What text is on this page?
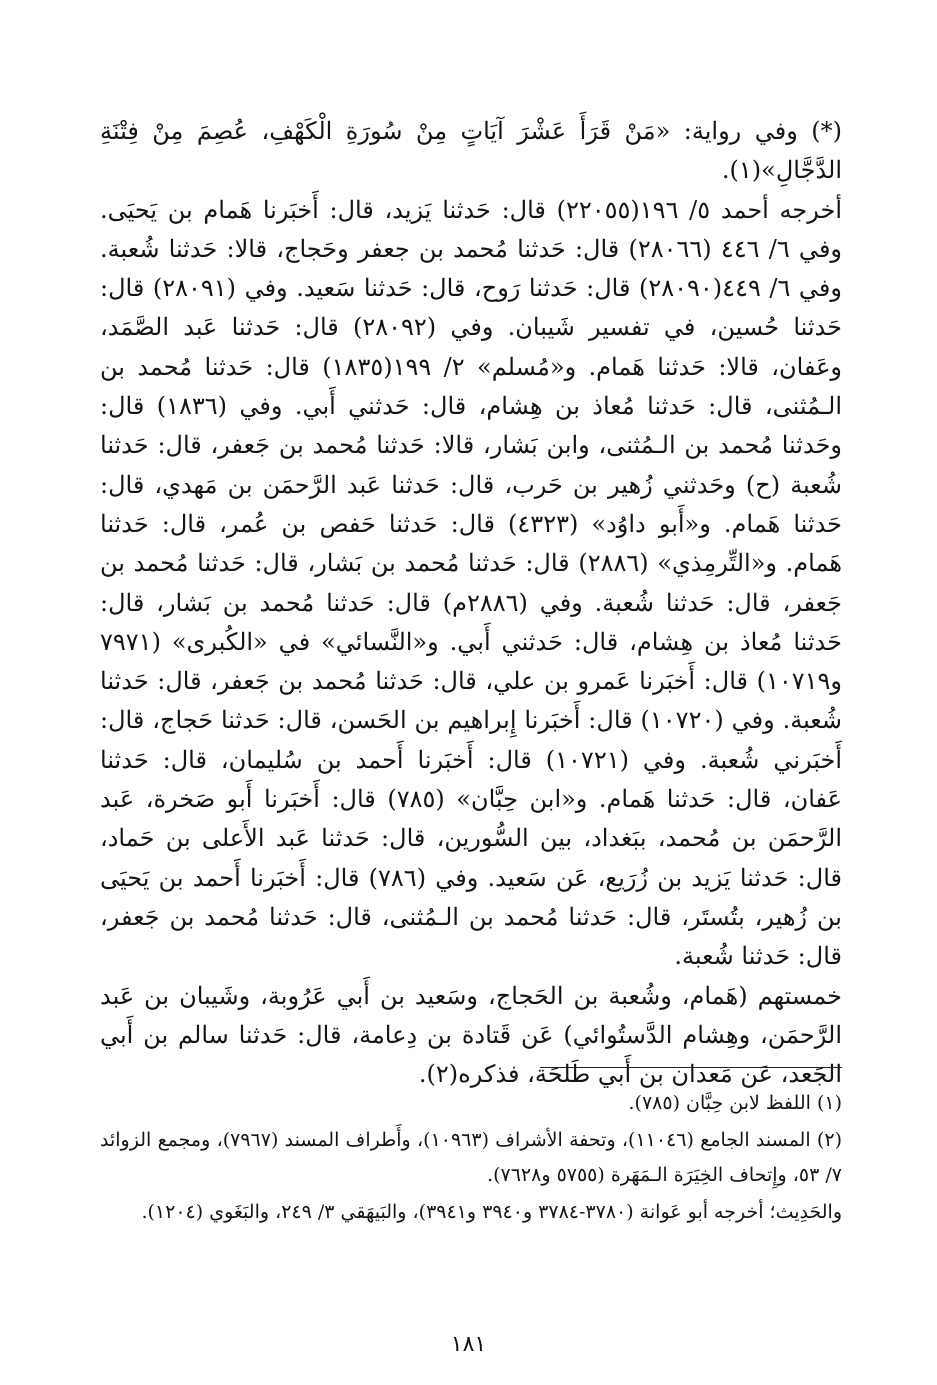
(*) وفي رواية: «مَنْ قَرَأَ عَشْرَ آيَاتٍ مِنْ سُورَةِ الْكَهْفِ، عُصِمَ مِنْ فِتْنَةِ الدَّجَّالِ»(١).

أخرجه أحمد ٥/ ١٩٦(٢٢٠٥٥) قال: حَدثنا يَزيد، قال: أَخبَرنا هَمام بن يَحيَى. وفي ٦/ ٤٤٦ (٢٨٠٦٦) قال: حَدثنا مُحمد بن جعفر وحَجاج، قالا: حَدثنا شُعبة. وفي ٦/ ٤٤٩(٢٨٠٩٠) قال: حَدثنا رَوح، قال: حَدثنا سَعيد. وفي (٢٨٠٩١) قال: حَدثنا حُسين، في تفسير شَيبان. وفي (٢٨٠٩٢) قال: حَدثنا عَبد الصَّمَد، وعَفان، قالا: حَدثنا هَمام. و«مُسلم» ٢/ ١٩٩(١٨٣٥) قال: حَدثنا مُحمد بن الـمُثنى، قال: حَدثنا مُعاذ بن هِشام، قال: حَدثني أَبي. وفي (١٨٣٦) قال: وحَدثنا مُحمد بن الـمُثنى، وابن بَشار، قالا: حَدثنا مُحمد بن جَعفر، قال: حَدثنا شُعبة (ح) وحَدثني زُهير بن حَرب، قال: حَدثنا عَبد الرَّحمَن بن مَهدي، قال: حَدثنا هَمام. و«أَبو داوُد» (٤٣٢٣) قال: حَدثنا حَفص بن عُمر، قال: حَدثنا هَمام. و«التِّرمِذي» (٢٨٨٦) قال: حَدثنا مُحمد بن بَشار، قال: حَدثنا مُحمد بن جَعفر، قال: حَدثنا شُعبة. وفي (٢٨٨٦م) قال: حَدثنا مُحمد بن بَشار، قال: حَدثنا مُعاذ بن هِشام، قال: حَدثني أَبي. و«النَّسائي» في «الكُبرى» (٧٩٧١ و١٠٧١٩) قال: أَخبَرنا عَمرو بن علي، قال: حَدثنا مُحمد بن جَعفر، قال: حَدثنا شُعبة. وفي (١٠٧٢٠) قال: أَخبَرنا إِبراهيم بن الحَسن، قال: حَدثنا حَجاج، قال: أَخبَرني شُعبة. وفي (١٠٧٢١) قال: أَخبَرنا أَحمد بن سُليمان، قال: حَدثنا عَفان، قال: حَدثنا هَمام. و«ابن حِبَّان» (٧٨٥) قال: أَخبَرنا أَبو صَخرة، عَبد الرَّحمَن بن مُحمد، ببَغداد، بين السُّورين، قال: حَدثنا عَبد الأَعلى بن حَماد، قال: حَدثنا يَزيد بن زُرَيع، عَن سَعيد. وفي (٧٨٦) قال: أَخبَرنا أَحمد بن يَحيَى بن زُهير، بتُستَر، قال: حَدثنا مُحمد بن الـمُثنى، قال: حَدثنا مُحمد بن جَعفر، قال: حَدثنا شُعبة.

خمستهم (هَمام، وشُعبة بن الحَجاج، وسَعيد بن أَبي عَرُوبة، وشَيبان بن عَبد الرَّحمَن، وهِشام الدَّستُوائي) عَن قَتادة بن دِعامة، قال: حَدثنا سالم بن أَبي الجَعد، عَن مَعدان بن أَبي طَلحَة، فذكره(٢).

(١) اللفظ لابن حِبَّان (٧٨٥).

(٢) المسند الجامع (١١٠٤٦)، وتحفة الأشراف (١٠٩٦٣)، وأَطراف المسند (٧٩٦٧)، ومجمع الزوائد ٧/ ٥٣، وإِتحاف الخِيَرَة الـمَهَرة (٥٧٥٥ و٧٦٢٨).

والحَدِيث؛ أخرجه أبو عَوانة (٣٧٨٠-٣٧٨٤ و٣٩٤٠ و٣٩٤١)، والبَيهَقي ٣/ ٢٤٩، والبَغَوي (١٢٠٤).

١٨١
